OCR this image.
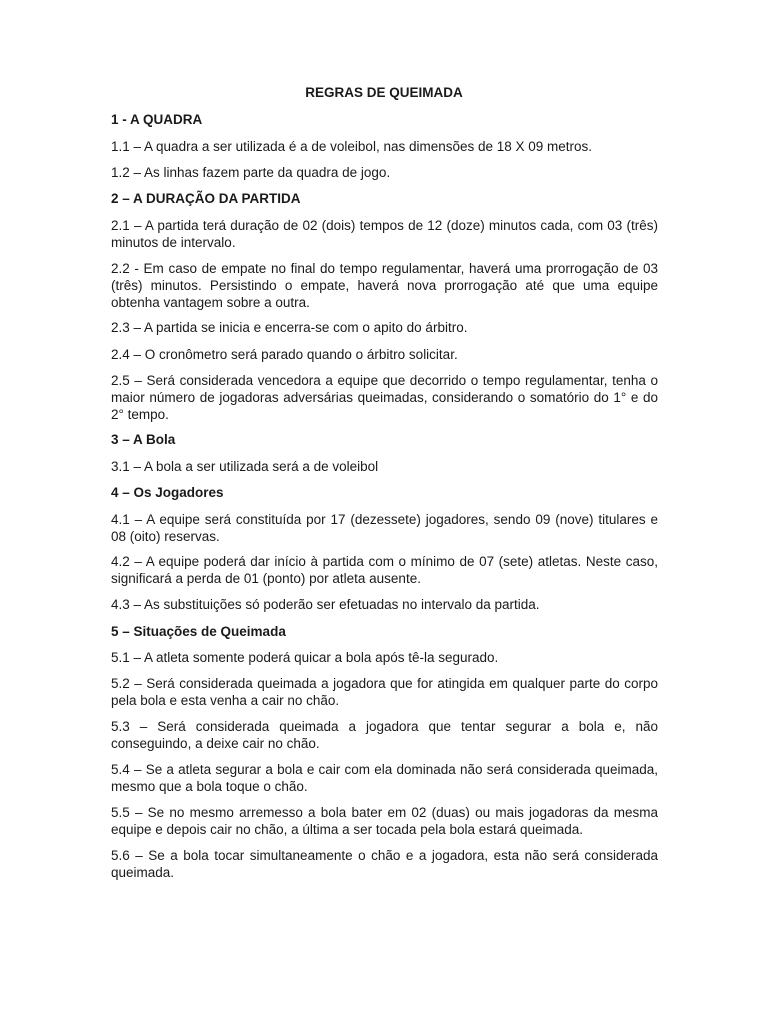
REGRAS DE QUEIMADA
1 - A QUADRA
1.1 – A quadra a ser utilizada é a de voleibol, nas dimensões de 18 X 09 metros.
1.2 – As linhas fazem parte da quadra de jogo.
2 – A DURAÇÃO DA PARTIDA
2.1 – A partida terá duração de 02 (dois) tempos de 12 (doze) minutos cada, com 03 (três) minutos de intervalo.
2.2 - Em caso de empate no final do tempo regulamentar, haverá uma prorrogação de 03 (três) minutos. Persistindo o empate, haverá nova prorrogação até que uma equipe obtenha vantagem sobre a outra.
2.3 – A partida se inicia e encerra-se com o apito do árbitro.
2.4 – O cronômetro será parado quando o árbitro solicitar.
2.5 – Será considerada vencedora a equipe que decorrido o tempo regulamentar, tenha o maior número de jogadoras adversárias queimadas, considerando o somatório do 1° e do 2° tempo.
3 – A Bola
3.1 – A bola a ser utilizada será a de voleibol
4 – Os Jogadores
4.1 – A equipe será constituída por 17 (dezessete) jogadores, sendo 09 (nove) titulares e 08 (oito) reservas.
4.2 – A equipe poderá dar início à partida com o mínimo de 07 (sete) atletas. Neste caso, significará a perda de 01 (ponto) por atleta ausente.
4.3 – As substituições só poderão ser efetuadas no intervalo da partida.
5 – Situações de Queimada
5.1 – A atleta somente poderá quicar a bola após tê-la segurado.
5.2 – Será considerada queimada a jogadora que for atingida em qualquer parte do corpo pela bola e esta venha a cair no chão.
5.3 – Será considerada queimada a jogadora que tentar segurar a bola e, não conseguindo, a deixe cair no chão.
5.4 – Se a atleta segurar a bola e cair com ela dominada não será considerada queimada, mesmo que a bola toque o chão.
5.5 – Se no mesmo arremesso a bola bater em 02 (duas) ou mais jogadoras da mesma equipe e depois cair no chão, a última a ser tocada pela bola estará queimada.
5.6 – Se a bola tocar simultaneamente o chão e a jogadora, esta não será considerada queimada.
